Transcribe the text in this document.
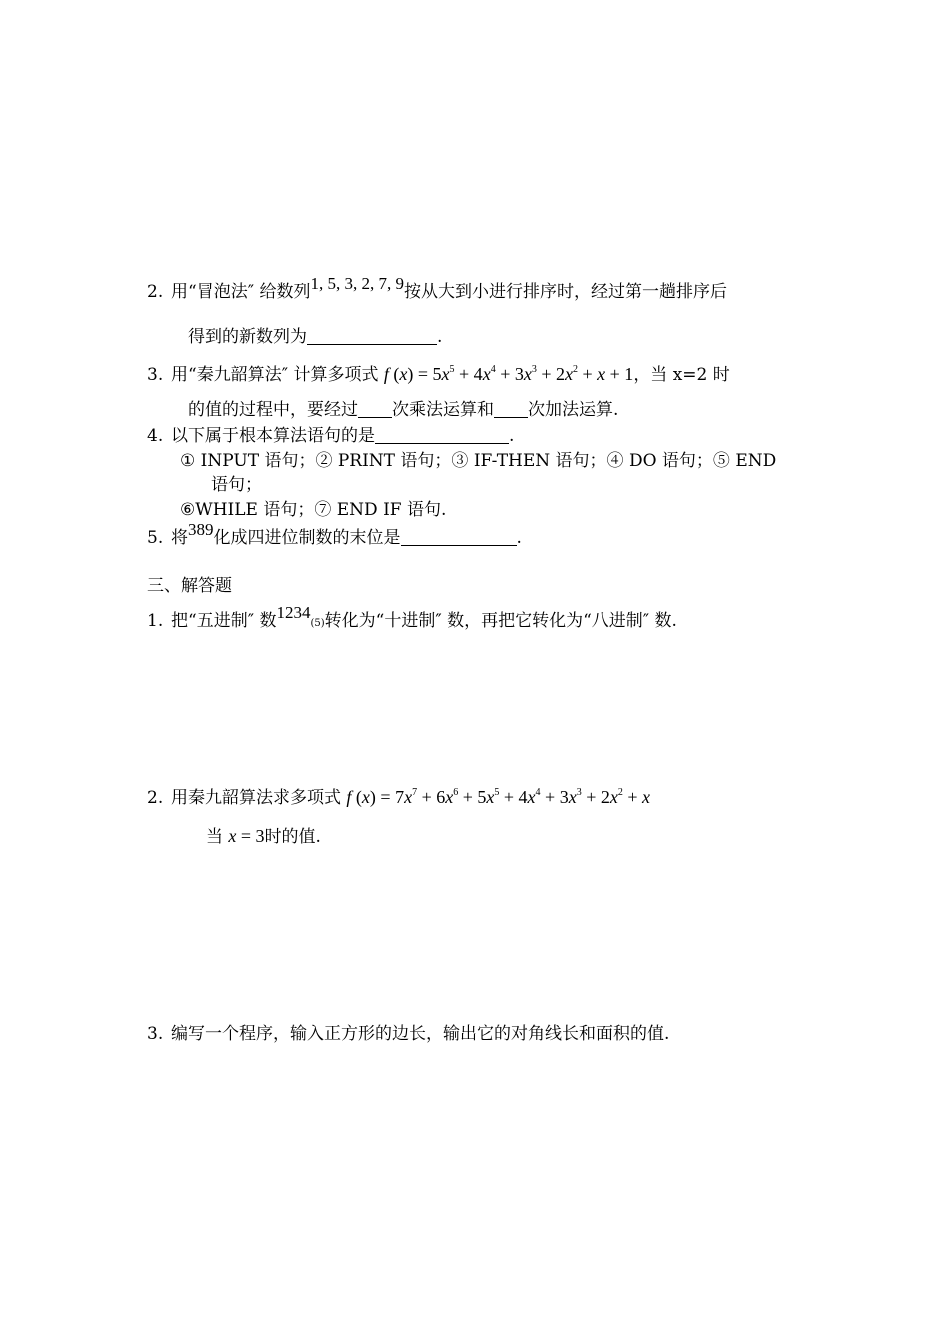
2. 用“冒泡法″ 给数列1, 5, 3, 2, 7, 9按从大到小进行排序时，经过第一趟排序后
得到的新数列为	.
3. 用“秦九韶算法″ 计算多项式 f $(x) = 5x^5 + 4x^4 + 3x^3 + 2x^2 + x + 1$，当 x=2 时
的值的过程中，要经过 次乘法运算和 次加法运算.
4. 以下属于根本算法语句的是	.
① INPUT 语句；② PRINT 语句；③ IF-THEN 语句；④ DO 语句；⑤ END
语句；
⑥WHILE 语句；⑦ END IF 语句.
5. 将389化成四进位制数的末位是	.
三、解答题
1. 把“五进制″ 数1234(5)转化为“十进制″ 数，再把它转化为“八进制″ 数.
2. 用秦九韶算法求多项式 f $(x) = 7x^7 + 6x^6 + 5x^5 + 4x^4 + 3x^3 + 2x^2 + x$
当 x = 3时的值.
3. 编写一个程序，输入正方形的边长，输出它的对角线长和面积的值.
